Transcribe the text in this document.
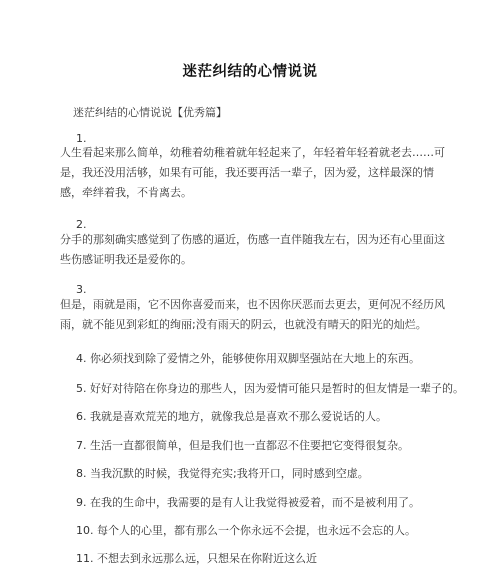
迷茫纠结的心情说说
迷茫纠结的心情说说【优秀篇】
1.
人生看起来那么简单，幼稚着幼稚着就年轻起来了，年轻着年轻着就老去……可是，我还没用活够，如果有可能，我还要再活一辈子，因为爱，这样最深的情感，牵绊着我，不肯离去。
2.
分手的那刻确实感觉到了伤感的逼近，伤感一直伴随我左右，因为还有心里面这些伤感证明我还是爱你的。
3.
但是，雨就是雨，它不因你喜爱而来，也不因你厌恶而去更去，更何况不经历风雨，就不能见到彩虹的绚丽;没有雨天的阴云，也就没有晴天的阳光的灿烂。
4. 你必须找到除了爱情之外，能够使你用双脚坚强站在大地上的东西。
5. 好好对待陪在你身边的那些人，因为爱情可能只是暂时的但友情是一辈子的。
6. 我就是喜欢荒芜的地方，就像我总是喜欢不那么爱说话的人。
7. 生活一直都很简单，但是我们也一直都忍不住要把它变得很复杂。
8. 当我沉默的时候，我觉得充实;我将开口，同时感到空虚。
9. 在我的生命中，我需要的是有人让我觉得被爱着，而不是被利用了。
10. 每个人的心里，都有那么一个你永远不会提，也永远不会忘的人。
11. 不想去到永远那么远，只想呆在你附近这么近
